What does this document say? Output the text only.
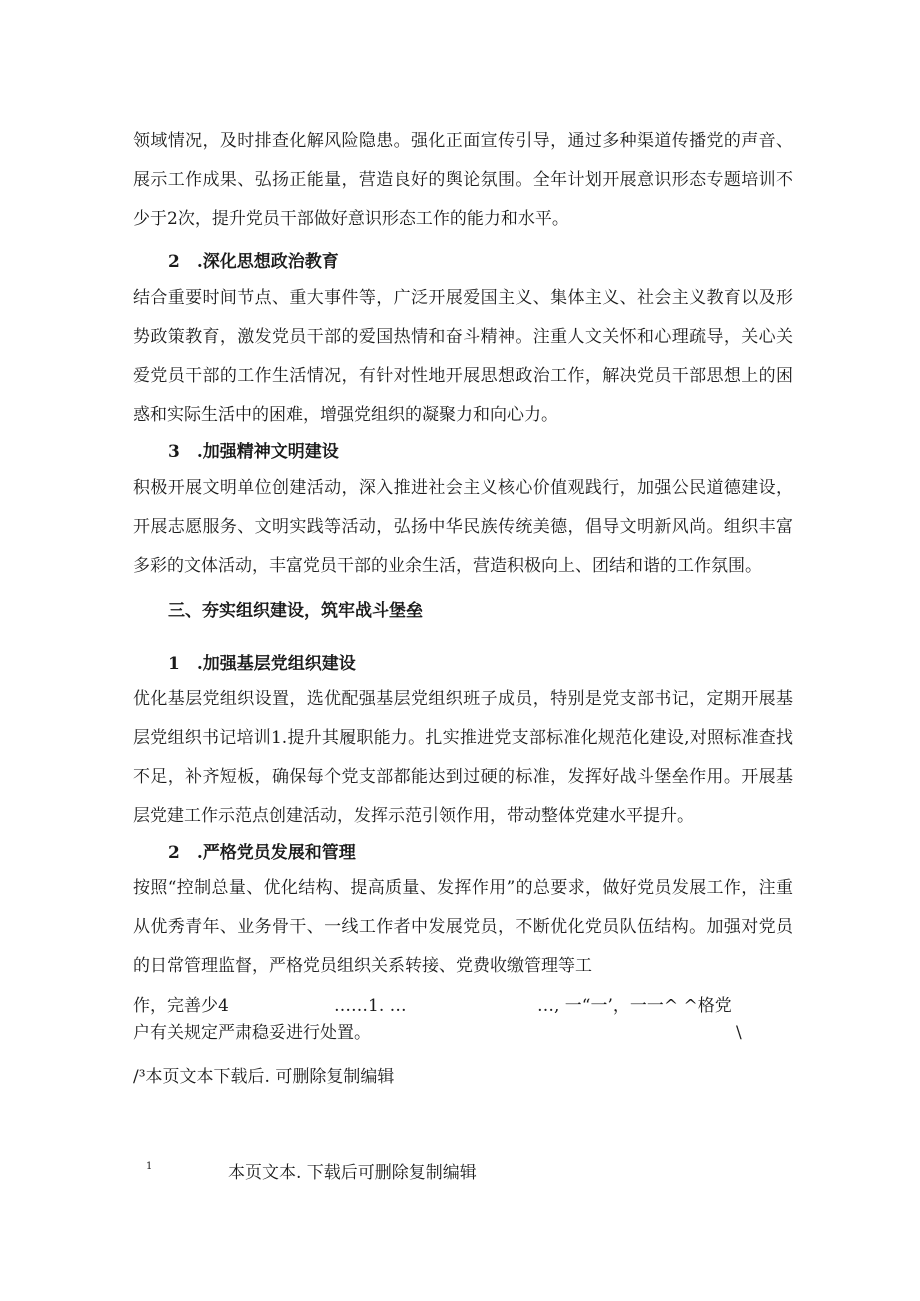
领域情况，及时排查化解风险隐患。强化正面宣传引导，通过多种渠道传播党的声音、展示工作成果、弘扬正能量，营造良好的舆论氛围。全年计划开展意识形态专题培训不少于2次，提升党员干部做好意识形态工作的能力和水平。

2　.深化思想政治教育

结合重要时间节点、重大事件等，广泛开展爱国主义、集体主义、社会主义教育以及形势政策教育，激发党员干部的爱国热情和奋斗精神。注重人文关怀和心理疏导，关心关爱党员干部的工作生活情况，有针对性地开展思想政治工作，解决党员干部思想上的困惑和实际生活中的困难，增强党组织的凝聚力和向心力。

3　.加强精神文明建设

积极开展文明单位创建活动，深入推进社会主义核心价值观践行，加强公民道德建设，开展志愿服务、文明实践等活动，弘扬中华民族传统美德，倡导文明新风尚。组织丰富多彩的文体活动，丰富党员干部的业余生活，营造积极向上、团结和谐的工作氛围。

三、夯实组织建设，筑牢战斗堡垒

1　.加强基层党组织建设

优化基层党组织设置，选优配强基层党组织班子成员，特别是党支部书记，定期开展基层党组织书记培训1.提升其履职能力。扎实推进党支部标准化规范化建设,对照标准查找不足，补齐短板，确保每个党支部都能达到过硬的标准，发挥好战斗堡垒作用。开展基层党建工作示范点创建活动，发挥示范引领作用，带动整体党建水平提升。

2　.严格党员发展和管理

按照“控制总量、优化结构、提高质量、发挥作用”的总要求，做好党员发展工作，注重从优秀青年、业务骨干、一线工作者中发展党员，不断优化党员队伍结构。加强对党员的日常管理监督，严格党员组织关系转接、党费收缴管理等工

作，完善少4	……1. …	…, 一“一’，一一^ ^格党

户有关规定严肃稳妥进行处置。	\

/³本页文本下载后. 可删除复制编辑

1	本页文本. 下载后可删除复制编辑
